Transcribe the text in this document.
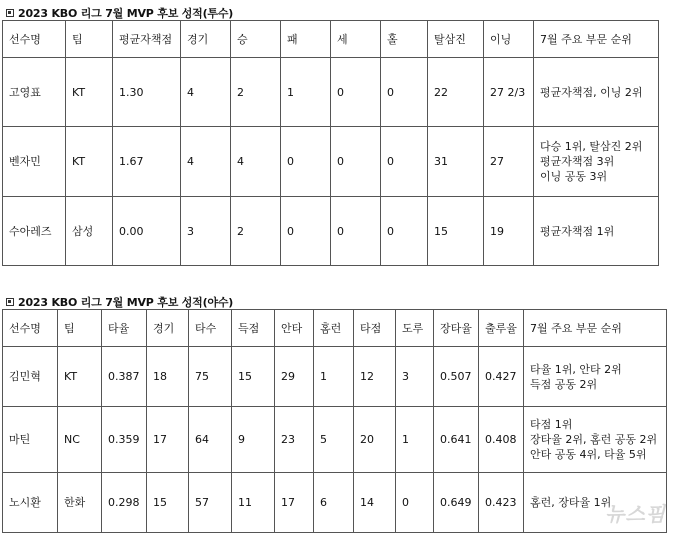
2023 KBO 리그 7월 MVP 후보 성적(투수)
선수명	팀	평균자책점	경기	승	패	세	홀	탈삼진	이닝	7월 주요 부문 순위
고영표	KT	1.30	4	2	1	0	0	22	27 2/3	평균자책점, 이닝 2위

벤자민	KT	1.67	4	4	0	0	0	31	27	다승 1위, 탈삼진 2위
평균자책점 3위
이닝 공동 3위

수아레즈	삼성	0.00	3	2	0	0	0	15	19	평균자책점 1위
2023 KBO 리그 7월 MVP 후보 성적(야수)
선수명	팀	타율	경기	타수	득점	안타	홈런	타점	도루	장타율	출루율	7월 주요 부문 순위
김민혁	KT	0.387	18	75	15	29	1	12	3	0.507	0.427	타율 1위, 안타 2위
득점 공동 2위

마틴	NC	0.359	17	64	9	23	5	20	1	0.641	0.408	타점 1위
장타율 2위, 홈런 공동 2위
안타 공동 4위, 타율 5위

노시환	한화	0.298	15	57	11	17	6	14	0	0.649	0.423	홈런, 장타율 1위
뉴스핌
